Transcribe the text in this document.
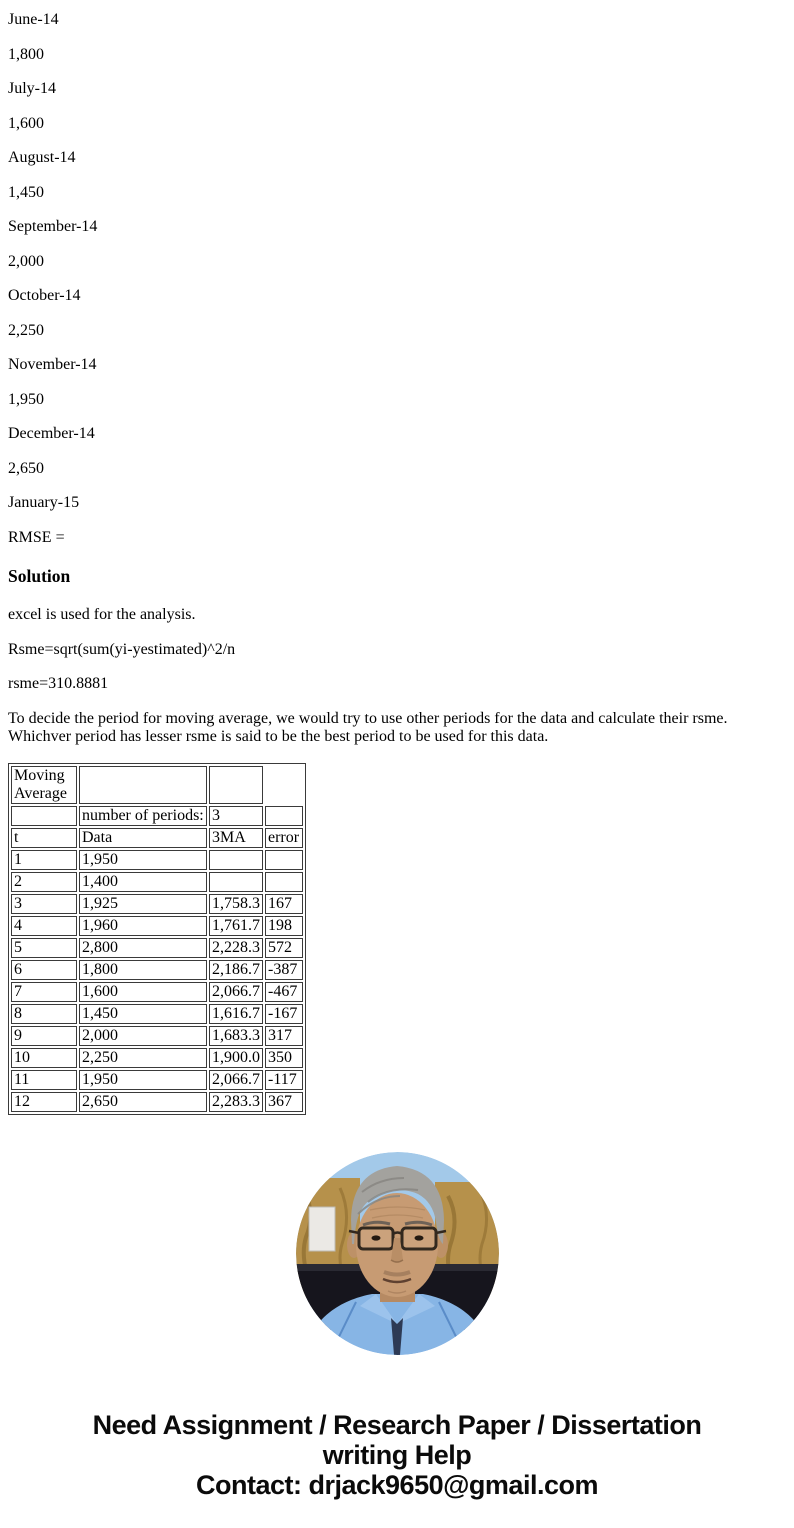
June-14

1,800

July-14

1,600

August-14

1,450

September-14

2,000

October-14

2,250

November-14

1,950

December-14

2,650

January-15

RMSE =

Solution

excel is used for the analysis.

Rsme=sqrt(sum(yi-yestimated)^2/n

rsme=310.8881

To decide the period for moving average, we would try to use other periods for the data and calculate their rsme. Whichver period has lesser rsme is said to be the best period to be used for this data.

Moving Average			
	number of periods:	3	
t	Data	3MA	error
1	1,950		
2	1,400		
3	1,925	1,758.3	167
4	1,960	1,761.7	198
5	2,800	2,228.3	572
6	1,800	2,186.7	-387
7	1,600	2,066.7	-467
8	1,450	1,616.7	-167
9	2,000	1,683.3	317
10	2,250	1,900.0	350
11	1,950	2,066.7	-117
12	2,650	2,283.3	367
Need Assignment / Research Paper / Dissertation
writing Help
Contact: drjack9650@gmail.com
